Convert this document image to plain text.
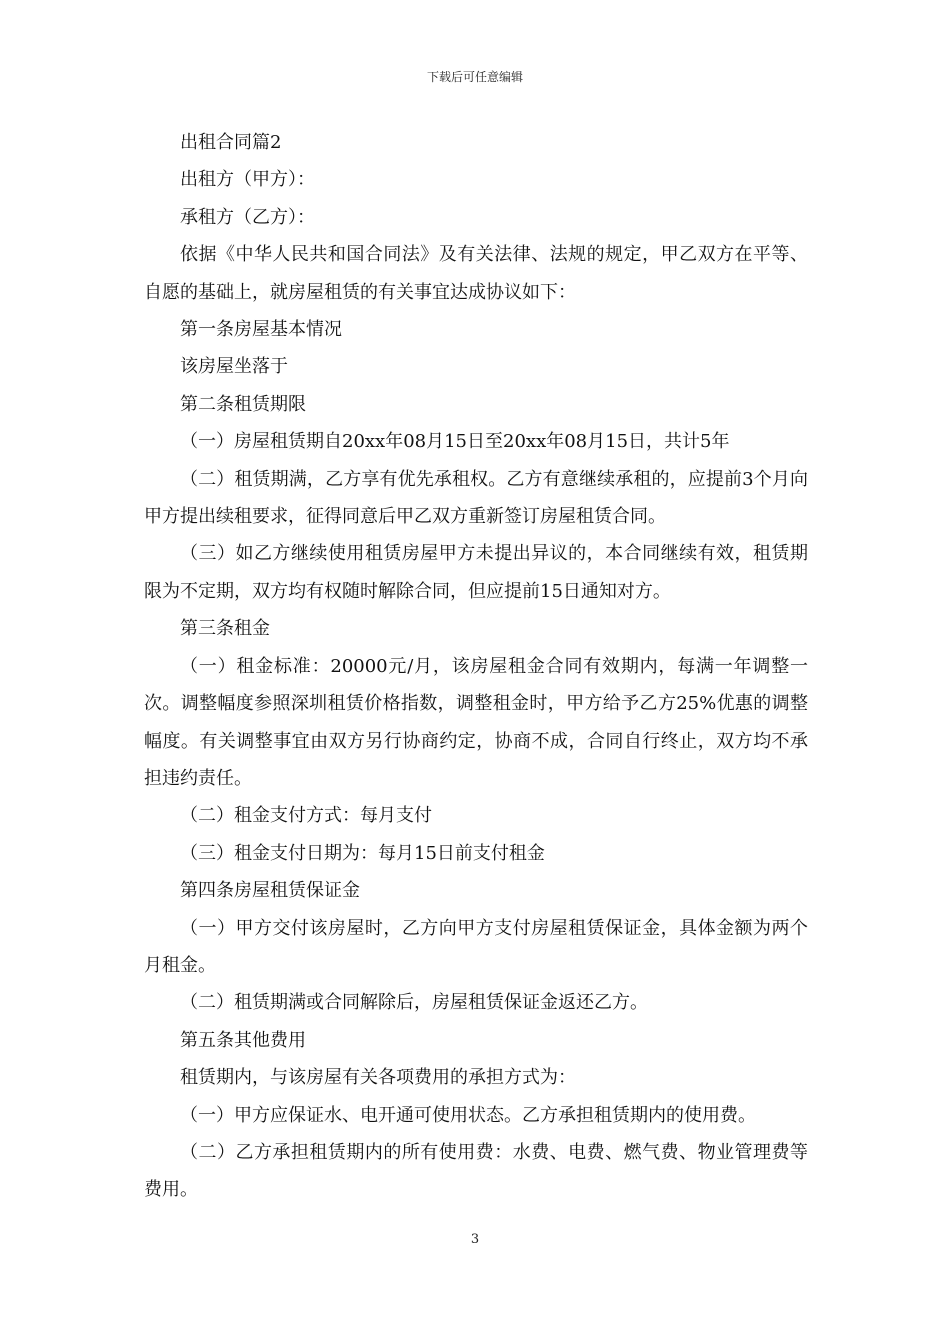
下载后可任意编辑

出租合同篇2

出租方（甲方）：

承租方（乙方）：

依据《中华人民共和国合同法》及有关法律、法规的规定，甲乙双方在平等、自愿的基础上，就房屋租赁的有关事宜达成协议如下：

第一条房屋基本情况

该房屋坐落于

第二条租赁期限

（一）房屋租赁期自20xx年08月15日至20xx年08月15日，共计5年

（二）租赁期满，乙方享有优先承租权。乙方有意继续承租的，应提前3个月向甲方提出续租要求，征得同意后甲乙双方重新签订房屋租赁合同。

（三）如乙方继续使用租赁房屋甲方未提出异议的，本合同继续有效，租赁期限为不定期，双方均有权随时解除合同，但应提前15日通知对方。

第三条租金

（一）租金标准：20000元/月，该房屋租金合同有效期内，每满一年调整一次。调整幅度参照深圳租赁价格指数，调整租金时，甲方给予乙方25%优惠的调整幅度。有关调整事宜由双方另行协商约定，协商不成，合同自行终止，双方均不承担违约责任。

（二）租金支付方式：每月支付

（三）租金支付日期为：每月15日前支付租金

第四条房屋租赁保证金

（一）甲方交付该房屋时，乙方向甲方支付房屋租赁保证金，具体金额为两个月租金。

（二）租赁期满或合同解除后，房屋租赁保证金返还乙方。

第五条其他费用

租赁期内，与该房屋有关各项费用的承担方式为：

（一）甲方应保证水、电开通可使用状态。乙方承担租赁期内的使用费。

（二）乙方承担租赁期内的所有使用费：水费、电费、燃气费、物业管理费等费用。

3
